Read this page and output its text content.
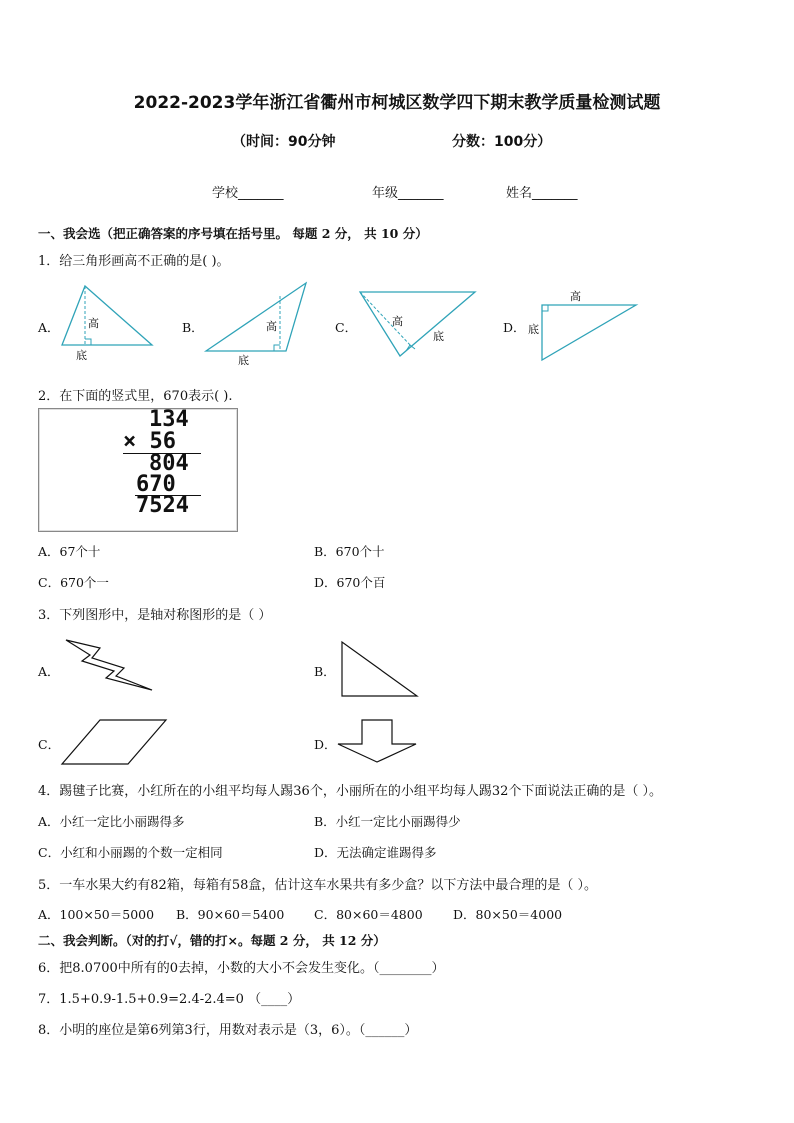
2022-2023学年浙江省衢州市柯城区数学四下期末教学质量检测试题
（时间：90分钟	分数：100分）
学校_______	年级_______	姓名_______
一、我会选（把正确答案的序号填在括号里。 每题 2 分， 共 10 分）
1．给三角形画高不正确的是( )。
A．	B．	C．	D．
高
底
高
底
高
底
高
底
2．在下面的竖式里，670表示( ).
134
× 56
804
670
7524
A．67个十	B．670个十
C．670个一	D．670个百
3．下列图形中，是轴对称图形的是（ ）
A．	B．
C．	D．
4．踢毽子比赛，小红所在的小组平均每人踢36个，小丽所在的小组平均每人踢32个下面说法正确的是（ ）。
A．小红一定比小丽踢得多	B．小红一定比小丽踢得少
C．小红和小丽踢的个数一定相同	D．无法确定谁踢得多
5．一车水果大约有82箱，每箱有58盒，估计这车水果共有多少盒？以下方法中最合理的是（ ）。
A．100×50＝5000 B．90×60＝5400 C．80×60＝4800 D．80×50＝4000
二、我会判断。（对的打√，错的打×。每题 2 分， 共 12 分）
6．把8.0700中所有的0去掉，小数的大小不会发生变化。（________）
7．1.5+0.9-1.5+0.9=2.4-2.4=0 （____）
8．小明的座位是第6列第3行，用数对表示是（3，6）。（______）
